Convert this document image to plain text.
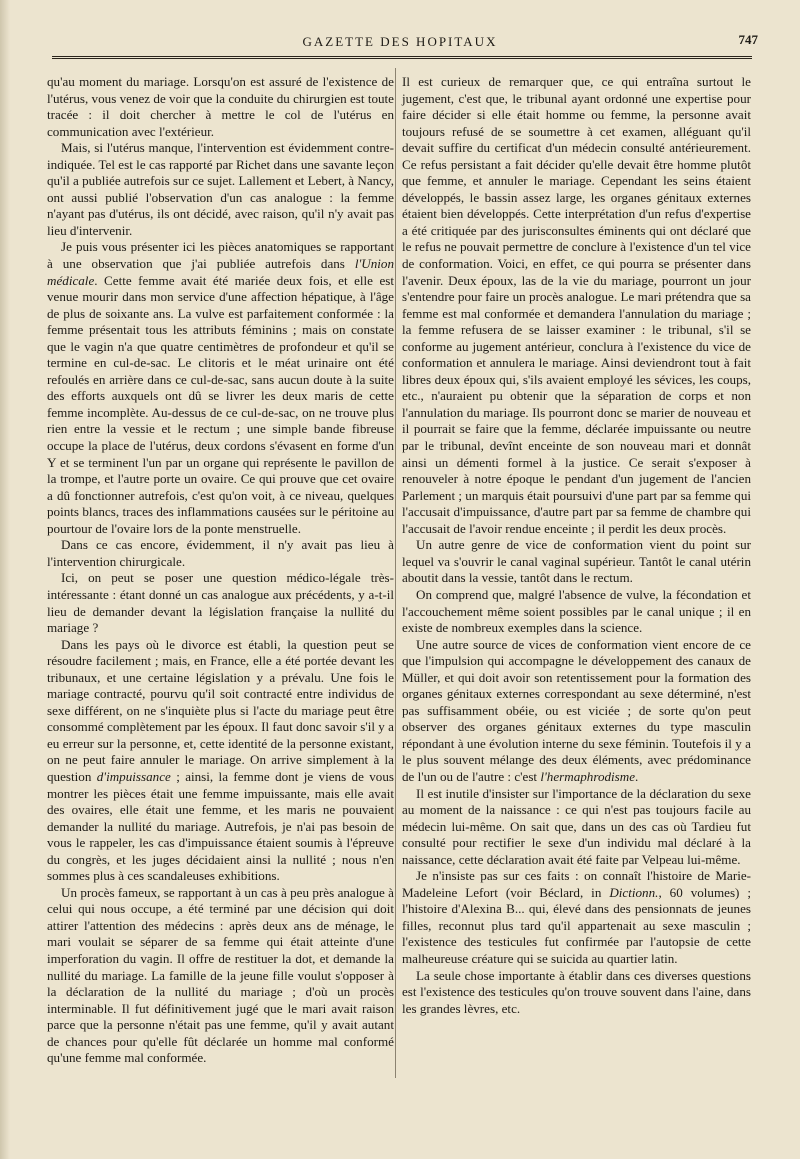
GAZETTE DES HOPITAUX	747

qu'au moment du mariage. Lorsqu'on est assuré de l'existence de l'utérus, vous venez de voir que la conduite du chirurgien est toute tracée : il doit chercher à mettre le col de l'utérus en communication avec l'extérieur.

Mais, si l'utérus manque, l'intervention est évidemment contre-indiquée. Tel est le cas rapporté par Richet dans une savante leçon qu'il a publiée autrefois sur ce sujet. Lallement et Lebert, à Nancy, ont aussi publié l'observation d'un cas analogue : la femme n'ayant pas d'utérus, ils ont décidé, avec raison, qu'il n'y avait pas lieu d'intervenir.

Je puis vous présenter ici les pièces anatomiques se rapportant à une observation que j'ai publiée autrefois dans l'Union médicale. Cette femme avait été mariée deux fois, et elle est venue mourir dans mon service d'une affection hépatique, à l'âge de plus de soixante ans. La vulve est parfaitement conformée : la femme présentait tous les attributs féminins ; mais on constate que le vagin n'a que quatre centimètres de profondeur et qu'il se termine en cul-de-sac. Le clitoris et le méat urinaire ont été refoulés en arrière dans ce cul-de-sac, sans aucun doute à la suite des efforts auxquels ont dû se livrer les deux maris de cette femme incomplète. Au-dessus de ce cul-de-sac, on ne trouve plus rien entre la vessie et le rectum ; une simple bande fibreuse occupe la place de l'utérus, deux cordons s'évasent en forme d'un Y et se terminent l'un par un organe qui représente le pavillon de la trompe, et l'autre porte un ovaire. Ce qui prouve que cet ovaire a dû fonctionner autrefois, c'est qu'on voit, à ce niveau, quelques points blancs, traces des inflammations causées sur le péritoine au pourtour de l'ovaire lors de la ponte menstruelle.

Dans ce cas encore, évidemment, il n'y avait pas lieu à l'intervention chirurgicale.

Ici, on peut se poser une question médico-légale très-intéressante : étant donné un cas analogue aux précédents, y a-t-il lieu de demander devant la législation française la nullité du mariage ?

Dans les pays où le divorce est établi, la question peut se résoudre facilement ; mais, en France, elle a été portée devant les tribunaux, et une certaine législation y a prévalu. Une fois le mariage contracté, pourvu qu'il soit contracté entre individus de sexe différent, on ne s'inquiète plus si l'acte du mariage peut être consommé complètement par les époux. Il faut donc savoir s'il y a eu erreur sur la personne, et, cette identité de la personne existant, on ne peut faire annuler le mariage. On arrive simplement à la question d'impuissance ; ainsi, la femme dont je viens de vous montrer les pièces était une femme impuissante, mais elle avait des ovaires, elle était une femme, et les maris ne pouvaient demander la nullité du mariage. Autrefois, je n'ai pas besoin de vous le rappeler, les cas d'impuissance étaient soumis à l'épreuve du congrès, et les juges décidaient ainsi la nullité ; nous n'en sommes plus à ces scandaleuses exhibitions.

Un procès fameux, se rapportant à un cas à peu près analogue à celui qui nous occupe, a été terminé par une décision qui doit attirer l'attention des médecins : après deux ans de ménage, le mari voulait se séparer de sa femme qui était atteinte d'une imperforation du vagin. Il offre de restituer la dot, et demande la nullité du mariage. La famille de la jeune fille voulut s'opposer à la déclaration de la nullité du mariage ; d'où un procès interminable. Il fut définitivement jugé que le mari avait raison parce que la personne n'était pas une femme, qu'il y avait autant de chances pour qu'elle fût déclarée un homme mal conformé qu'une femme mal conformée.

Il est curieux de remarquer que, ce qui entraîna surtout le jugement, c'est que, le tribunal ayant ordonné une expertise pour faire décider si elle était homme ou femme, la personne avait toujours refusé de se soumettre à cet examen, alléguant qu'il devait suffire du certificat d'un médecin consulté antérieurement. Ce refus persistant a fait décider qu'elle devait être homme plutôt que femme, et annuler le mariage. Cependant les seins étaient développés, le bassin assez large, les organes génitaux externes étaient bien développés. Cette interprétation d'un refus d'expertise a été critiquée par des jurisconsultes éminents qui ont déclaré que le refus ne pouvait permettre de conclure à l'existence d'un tel vice de conformation. Voici, en effet, ce qui pourra se présenter dans l'avenir. Deux époux, las de la vie du mariage, pourront un jour s'entendre pour faire un procès analogue. Le mari prétendra que sa femme est mal conformée et demandera l'annulation du mariage ; la femme refusera de se laisser examiner : le tribunal, s'il se conforme au jugement antérieur, conclura à l'existence du vice de conformation et annulera le mariage. Ainsi deviendront tout à fait libres deux époux qui, s'ils avaient employé les sévices, les coups, etc., n'auraient pu obtenir que la séparation de corps et non l'annulation du mariage. Ils pourront donc se marier de nouveau et il pourrait se faire que la femme, déclarée impuissante ou neutre par le tribunal, devînt enceinte de son nouveau mari et donnât ainsi un démenti formel à la justice. Ce serait s'exposer à renouveler à notre époque le pendant d'un jugement de l'ancien Parlement ; un marquis était poursuivi d'une part par sa femme qui l'accusait d'impuissance, d'autre part par sa femme de chambre qui l'accusait de l'avoir rendue enceinte ; il perdit les deux procès.

Un autre genre de vice de conformation vient du point sur lequel va s'ouvrir le canal vaginal supérieur. Tantôt le canal utérin aboutit dans la vessie, tantôt dans le rectum.

On comprend que, malgré l'absence de vulve, la fécondation et l'accouchement même soient possibles par le canal unique ; il en existe de nombreux exemples dans la science.

Une autre source de vices de conformation vient encore de ce que l'impulsion qui accompagne le développement des canaux de Müller, et qui doit avoir son retentissement pour la formation des organes génitaux externes correspondant au sexe déterminé, n'est pas suffisamment obéie, ou est viciée ; de sorte qu'on peut observer des organes génitaux externes du type masculin répondant à une évolution interne du sexe féminin. Toutefois il y a le plus souvent mélange des deux éléments, avec prédominance de l'un ou de l'autre : c'est l'hermaphrodisme.

Il est inutile d'insister sur l'importance de la déclaration du sexe au moment de la naissance : ce qui n'est pas toujours facile au médecin lui-même. On sait que, dans un des cas où Tardieu fut consulté pour rectifier le sexe d'un individu mal déclaré à la naissance, cette déclaration avait été faite par Velpeau lui-même.

Je n'insiste pas sur ces faits : on connaît l'histoire de Marie-Madeleine Lefort (voir Béclard, in Dictionn., 60 volumes) ; l'histoire d'Alexina B... qui, élevé dans des pensionnats de jeunes filles, reconnut plus tard qu'il appartenait au sexe masculin ; l'existence des testicules fut confirmée par l'autopsie de cette malheureuse créature qui se suicida au quartier latin.

La seule chose importante à établir dans ces diverses questions est l'existence des testicules qu'on trouve souvent dans l'aine, dans les grandes lèvres, etc.
